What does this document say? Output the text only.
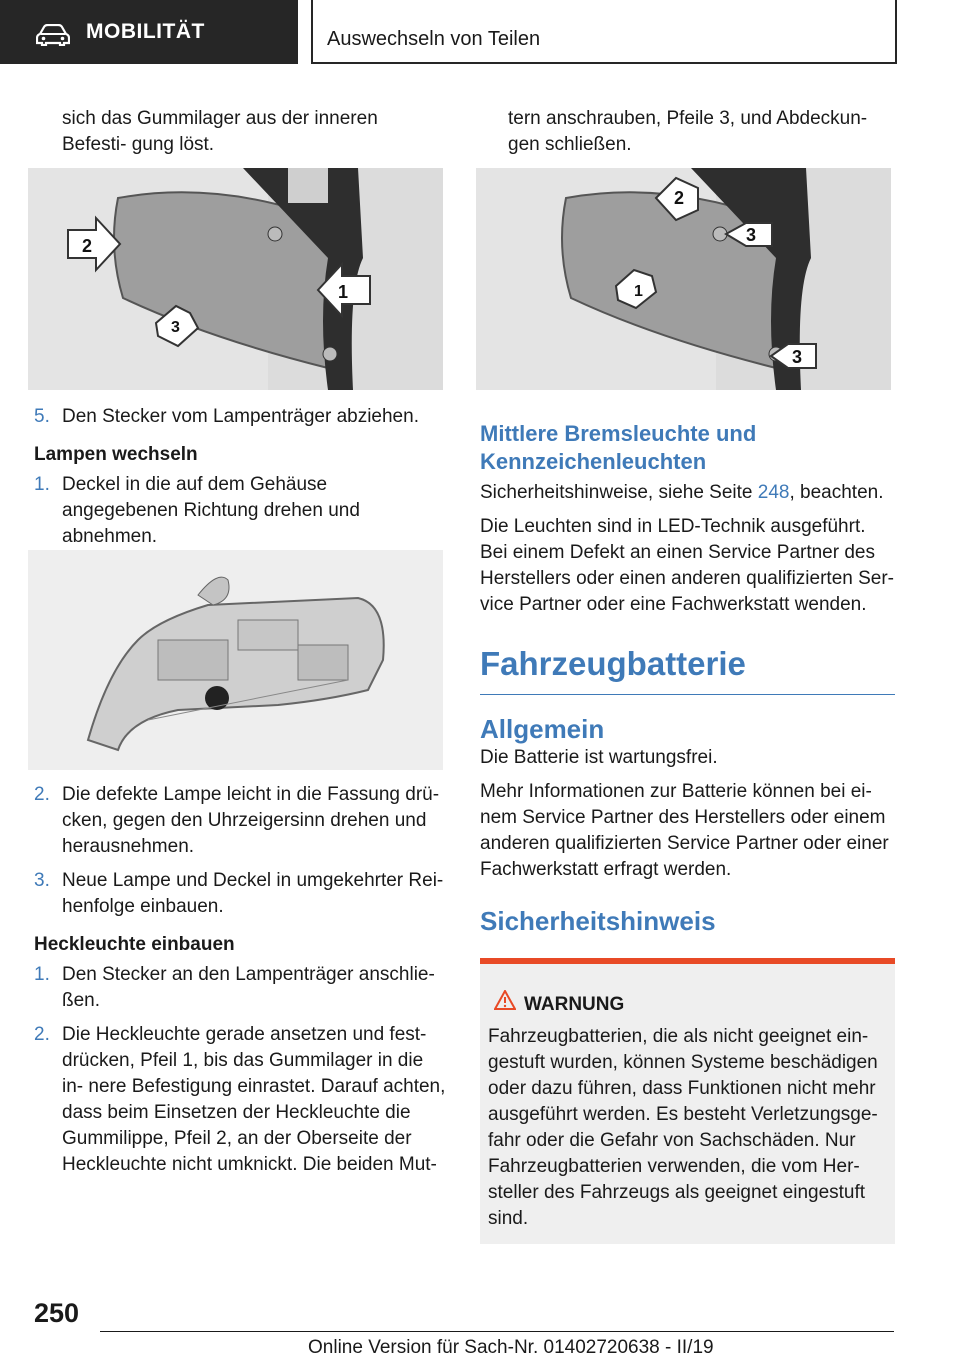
MOBILITÄT	Auswechseln von Teilen

sich das Gummilager aus der inneren Befesti- gung löst.

2
1
3
5. Den Stecker vom Lampenträger abziehen.

Lampen wechseln

1. Deckel in die auf dem Gehäuse angegebenen Richtung drehen und abnehmen.
2. Die defekte Lampe leicht in die Fassung drü- cken, gegen den Uhrzeigersinn drehen und herausnehmen.
3. Neue Lampe und Deckel in umgekehrter Rei- henfolge einbauen.

Heckleuchte einbauen

1. Den Stecker an den Lampenträger anschlie- ßen.
2. Die Heckleuchte gerade ansetzen und fest- drücken, Pfeil 1, bis das Gummilager in die in- nere Befestigung einrastet. Darauf achten, dass beim Einsetzen der Heckleuchte die Gummilippe, Pfeil 2, an der Oberseite der Heckleuchte nicht umknickt. Die beiden Mut-

tern anschrauben, Pfeile 3, und Abdeckun- gen schließen.

2
3
1
3

Mittlere Bremsleuchte und Kennzeichenleuchten

Sicherheitshinweise, siehe Seite 248, beachten.

Die Leuchten sind in LED-Technik ausgeführt. Bei einem Defekt an einen Service Partner des Herstellers oder einen anderen qualifizierten Ser- vice Partner oder eine Fachwerkstatt wenden.

Fahrzeugbatterie

Allgemein

Die Batterie ist wartungsfrei.

Mehr Informationen zur Batterie können bei ei- nem Service Partner des Herstellers oder einem anderen qualifizierten Service Partner oder einer Fachwerkstatt erfragt werden.

Sicherheitshinweis

WARNUNG
Fahrzeugbatterien, die als nicht geeignet ein- gestuft wurden, können Systeme beschädigen oder dazu führen, dass Funktionen nicht mehr ausgeführt werden. Es besteht Verletzungsge- fahr oder die Gefahr von Sachschäden. Nur Fahrzeugbatterien verwenden, die vom Her- steller des Fahrzeugs als geeignet eingestuft sind.
250
Online Version für Sach-Nr. 01402720638 - II/19
